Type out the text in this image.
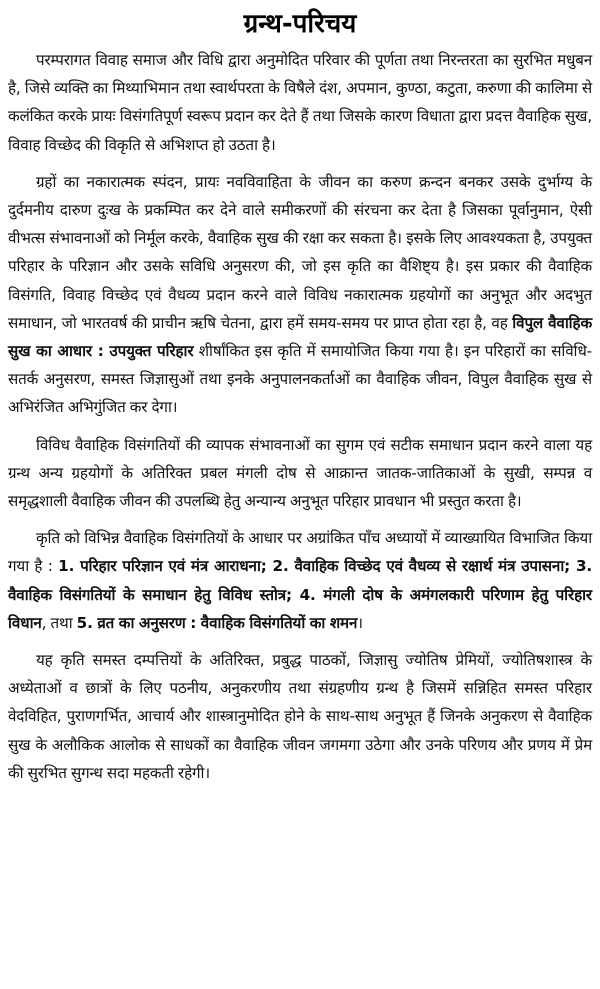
ग्रन्थ-परिचय

परम्परागत विवाह समाज और विधि द्वारा अनुमोदित परिवार की पूर्णता तथा निरन्तरता का सुरभित मधुबन है, जिसे व्यक्ति का मिथ्याभिमान तथा स्वार्थपरता के विषैले दंश, अपमान, कुण्ठा, कटुता, करुणा की कालिमा से कलंकित करके प्रायः विसंगतिपूर्ण स्वरूप प्रदान कर देते हैं तथा जिसके कारण विधाता द्वारा प्रदत्त वैवाहिक सुख, विवाह विच्छेद की विकृति से अभिशप्त हो उठता है।

ग्रहों का नकारात्मक स्पंदन, प्रायः नवविवाहिता के जीवन का करुण क्रन्दन बनकर उसके दुर्भाग्य के दुर्दमनीय दारुण दुःख के प्रकम्पित कर देने वाले समीकरणों की संरचना कर देता है जिसका पूर्वानुमान, ऐसी वीभत्स संभावनाओं को निर्मूल करके, वैवाहिक सुख की रक्षा कर सकता है। इसके लिए आवश्यकता है, उपयुक्त परिहार के परिज्ञान और उसके सविधि अनुसरण की, जो इस कृति का वैशिष्ट्य है। इस प्रकार की वैवाहिक विसंगति, विवाह विच्छेद एवं वैधव्य प्रदान करने वाले विविध नकारात्मक ग्रहयोगों का अनुभूत और अदभुत समाधान, जो भारतवर्ष की प्राचीन ऋषि चेतना, द्वारा हमें समय-समय पर प्राप्त होता रहा है, वह विपुल वैवाहिक सुख का आधार : उपयुक्त परिहार शीर्षांकित इस कृति में समायोजित किया गया है। इन परिहारों का सविधि-सतर्क अनुसरण, समस्त जिज्ञासुओं तथा इनके अनुपालनकर्ताओं का वैवाहिक जीवन, विपुल वैवाहिक सुख से अभिरंजित अभिगुंजित कर देगा।

विविध वैवाहिक विसंगतियों की व्यापक संभावनाओं का सुगम एवं सटीक समाधान प्रदान करने वाला यह ग्रन्थ अन्य ग्रहयोगों के अतिरिक्त प्रबल मंगली दोष से आक्रान्त जातक-जातिकाओं के सुखी, सम्पन्न व समृद्धशाली वैवाहिक जीवन की उपलब्धि हेतु अन्यान्य अनुभूत परिहार प्रावधान भी प्रस्तुत करता है।

कृति को विभिन्न वैवाहिक विसंगतियों के आधार पर अग्रांकित पाँच अध्यायों में व्याख्यायित विभाजित किया गया है : 1. परिहार परिज्ञान एवं मंत्र आराधना; 2. वैवाहिक विच्छेद एवं वैधव्य से रक्षार्थ मंत्र उपासना; 3. वैवाहिक विसंगतियों के समाधान हेतु विविध स्तोत्र; 4. मंगली दोष के अमंगलकारी परिणाम हेतु परिहार विधान, तथा 5. व्रत का अनुसरण : वैवाहिक विसंगतियों का शमन।

यह कृति समस्त दम्पत्तियों के अतिरिक्त, प्रबुद्ध पाठकों, जिज्ञासु ज्योतिष प्रेमियों, ज्योतिषशास्त्र के अध्येताओं व छात्रों के लिए पठनीय, अनुकरणीय तथा संग्रहणीय ग्रन्थ है जिसमें सन्निहित समस्त परिहार वेदविहित, पुराणगर्भित, आचार्य और शास्त्रानुमोदित होने के साथ-साथ अनुभूत हैं जिनके अनुकरण से वैवाहिक सुख के अलौकिक आलोक से साधकों का वैवाहिक जीवन जगमगा उठेगा और उनके परिणय और प्रणय में प्रेम की सुरभित सुगन्ध सदा महकती रहेगी।
